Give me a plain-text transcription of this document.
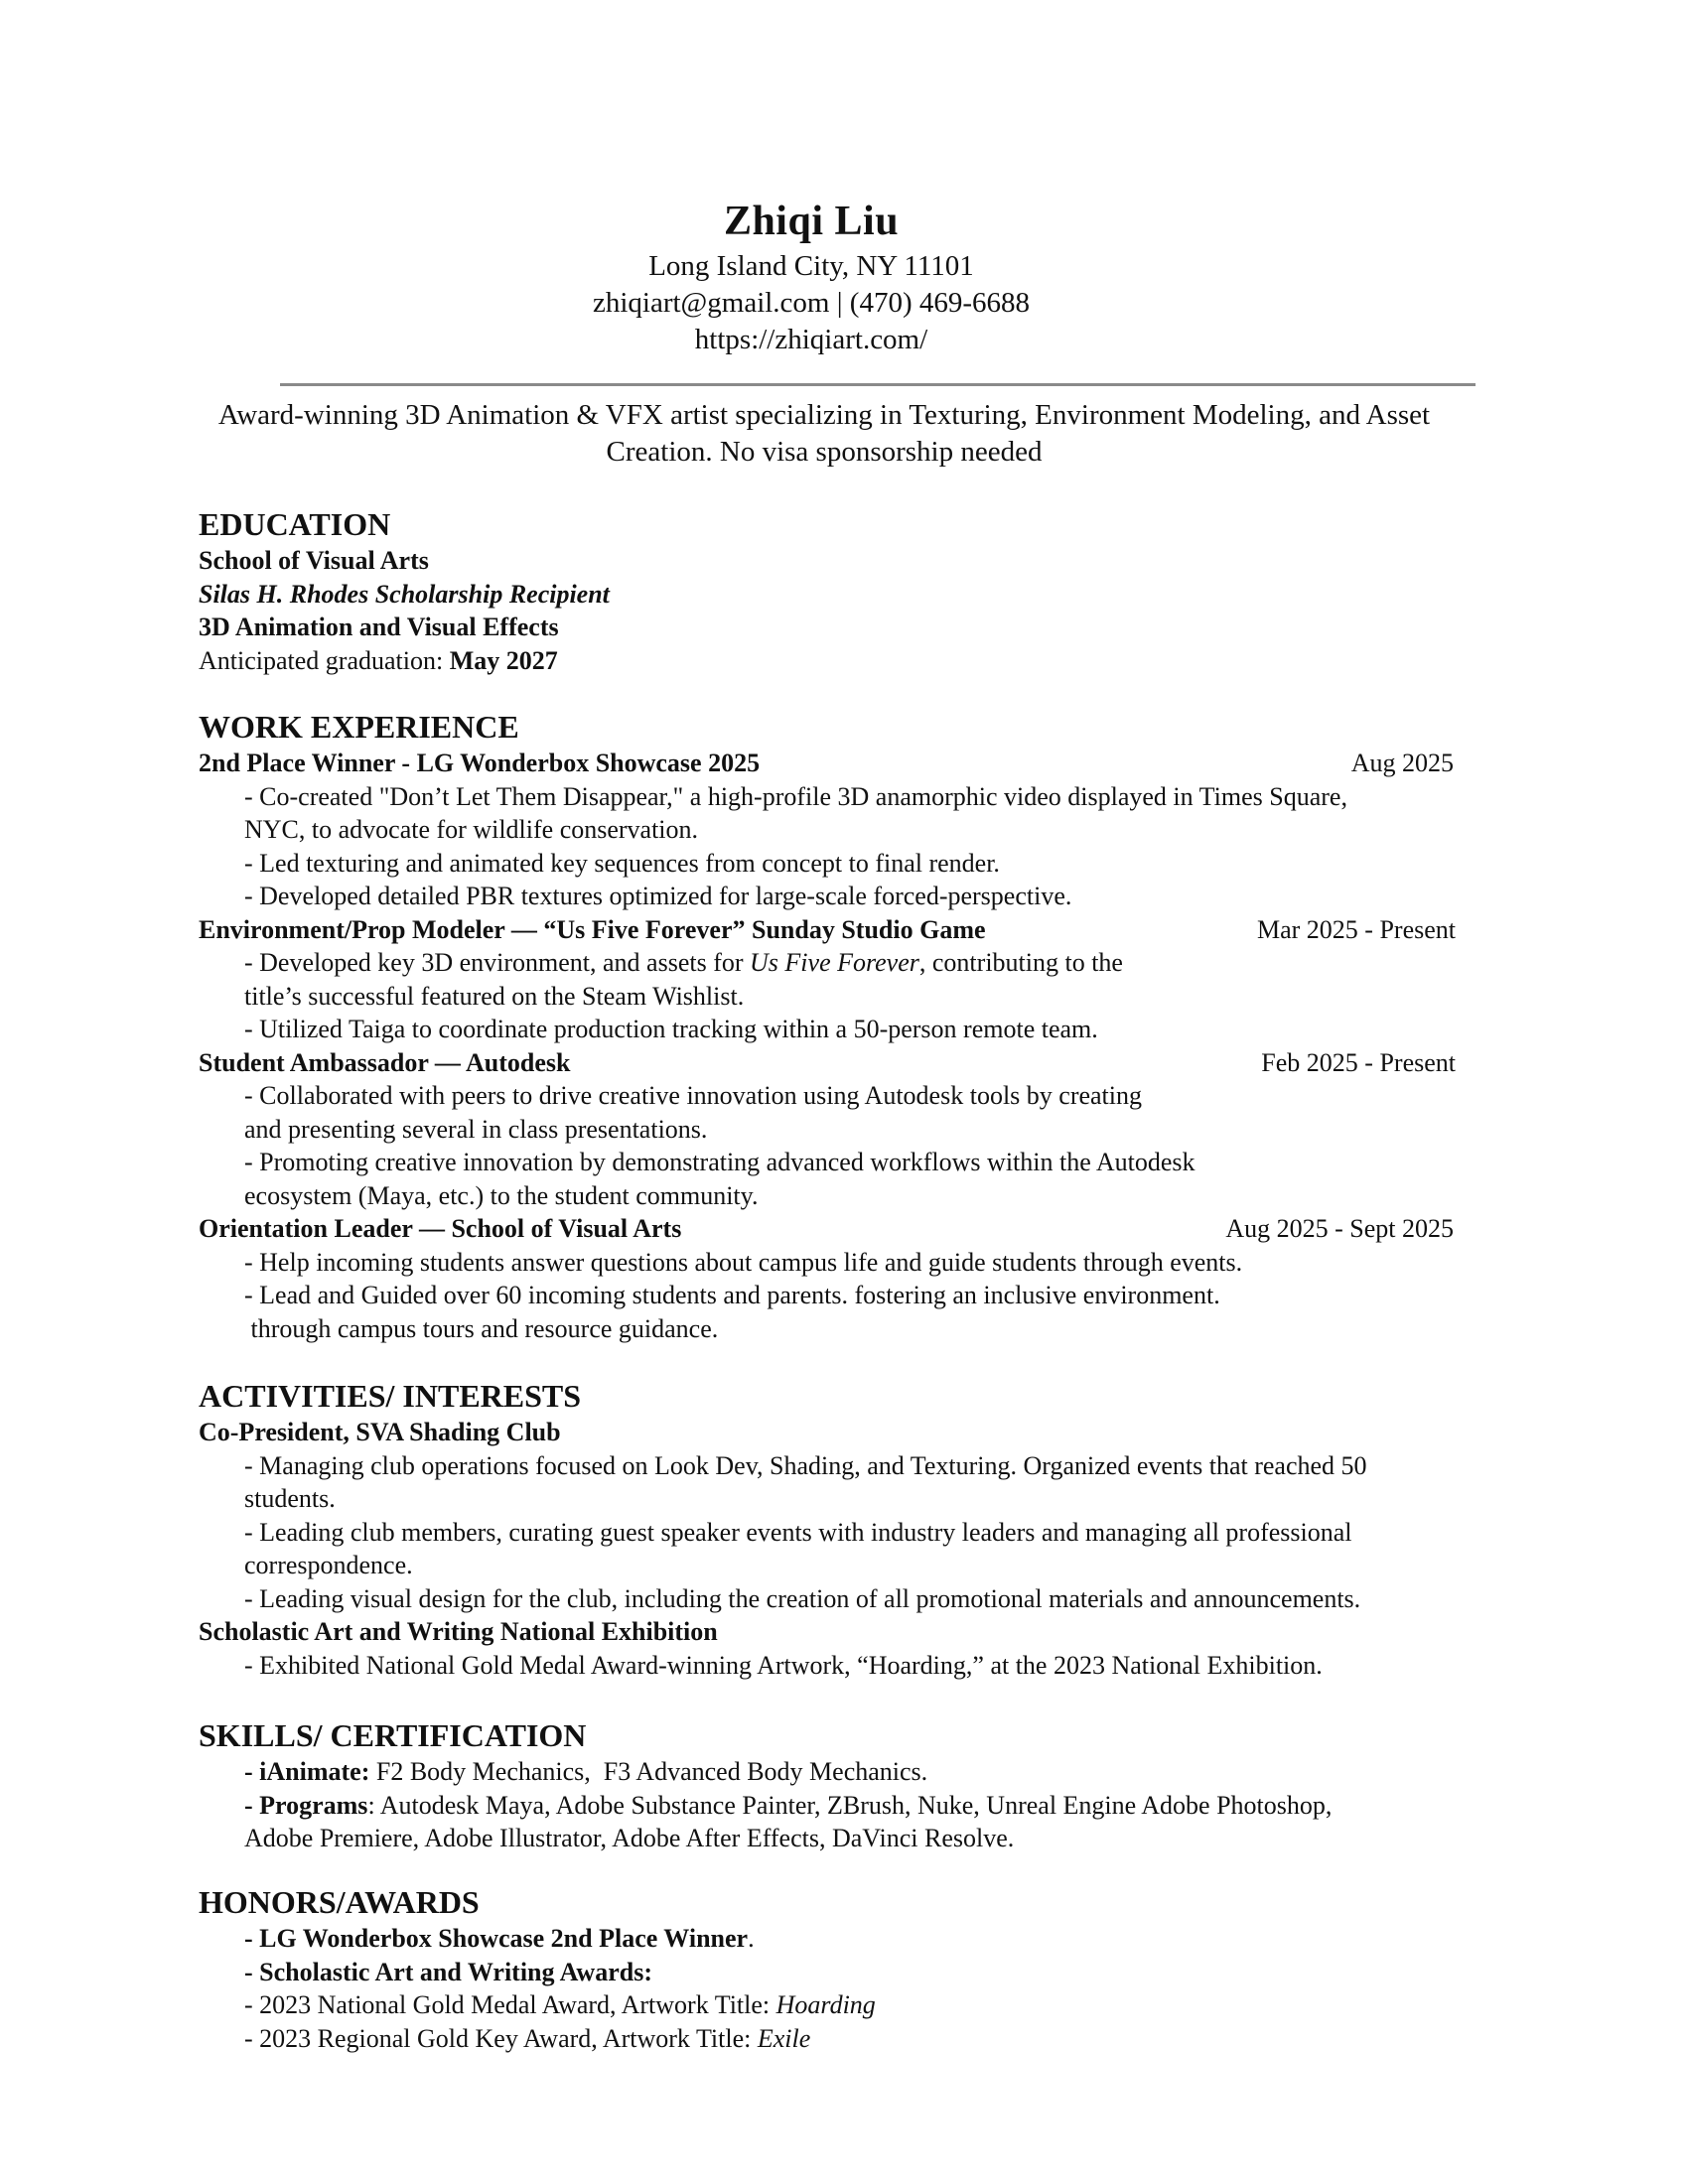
Zhiqi Liu
Long Island City, NY 11101
zhiqiart@gmail.com | (470) 469-6688
https://zhiqiart.com/
Award-winning 3D Animation & VFX artist specializing in Texturing, Environment Modeling, and Asset
Creation. No visa sponsorship needed
EDUCATION
School of Visual Arts
Silas H. Rhodes Scholarship Recipient
3D Animation and Visual Effects
Anticipated graduation: May 2027
WORK EXPERIENCE
2nd Place Winner - LG Wonderbox Showcase 2025	Aug 2025
- Co-created "Don’t Let Them Disappear," a high-profile 3D anamorphic video displayed in Times Square,
NYC, to advocate for wildlife conservation.
- Led texturing and animated key sequences from concept to final render.
- Developed detailed PBR textures optimized for large-scale forced-perspective.
Environment/Prop Modeler — “Us Five Forever” Sunday Studio Game	Mar 2025 - Present
- Developed key 3D environment, and assets for Us Five Forever, contributing to the
title’s successful featured on the Steam Wishlist.
- Utilized Taiga to coordinate production tracking within a 50-person remote team.
Student Ambassador — Autodesk	Feb 2025 - Present
- Collaborated with peers to drive creative innovation using Autodesk tools by creating
and presenting several in class presentations.
- Promoting creative innovation by demonstrating advanced workflows within the Autodesk
ecosystem (Maya, etc.) to the student community.
Orientation Leader — School of Visual Arts	Aug 2025 - Sept 2025
- Help incoming students answer questions about campus life and guide students through events.
- Lead and Guided over 60 incoming students and parents. fostering an inclusive environment.
through campus tours and resource guidance.
ACTIVITIES/ INTERESTS
Co-President, SVA Shading Club
- Managing club operations focused on Look Dev, Shading, and Texturing. Organized events that reached 50
students.
- Leading club members, curating guest speaker events with industry leaders and managing all professional
correspondence.
- Leading visual design for the club, including the creation of all promotional materials and announcements.
Scholastic Art and Writing National Exhibition
- Exhibited National Gold Medal Award-winning Artwork, “Hoarding,” at the 2023 National Exhibition.
SKILLS/ CERTIFICATION
- iAnimate: F2 Body Mechanics,  F3 Advanced Body Mechanics.
- Programs: Autodesk Maya, Adobe Substance Painter, ZBrush, Nuke, Unreal Engine Adobe Photoshop,
Adobe Premiere, Adobe Illustrator, Adobe After Effects, DaVinci Resolve.
HONORS/AWARDS
- LG Wonderbox Showcase 2nd Place Winner.
- Scholastic Art and Writing Awards:
- 2023 National Gold Medal Award, Artwork Title: Hoarding
- 2023 Regional Gold Key Award, Artwork Title: Exile
